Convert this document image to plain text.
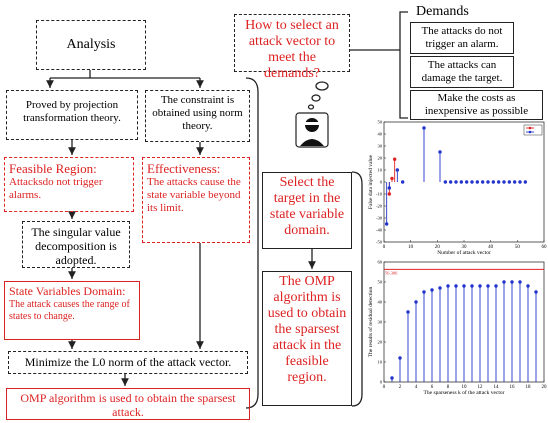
Analysis
Proved by projection transformation theory.
The constraint is obtained using norm theory.
Feasible Region:
Attacksdo not trigger alarms.
Effectiveness:
The attacks cause the state variable beyond its limit.
The singular value decomposition is adopted.
State Variables Domain:
The attack causes the range of states to change.
Minimize the L0 norm of the attack vector.
OMP algorithm is used to obtain the sparsest attack.
How to select an attack vector to meet the demands?
Select the target in the state variable domain.
The OMP algorithm is used to obtain the sparsest attack in the feasible region.
Demands
The attacks do not trigger an alarm.
The attacks can damage the target.
Make the costs as inexpensive as possible
0	10	20	30	40	50	60
-50
-40
-30
-20
-10
0
10
20
30
40
50
Number of attack vector
False data injected value
0	2	4	6	8 10 12 14 16 18 20
0
10
20
30
40
50
60
The sparseness k of the attack vector
The results of residual detection
56.306
